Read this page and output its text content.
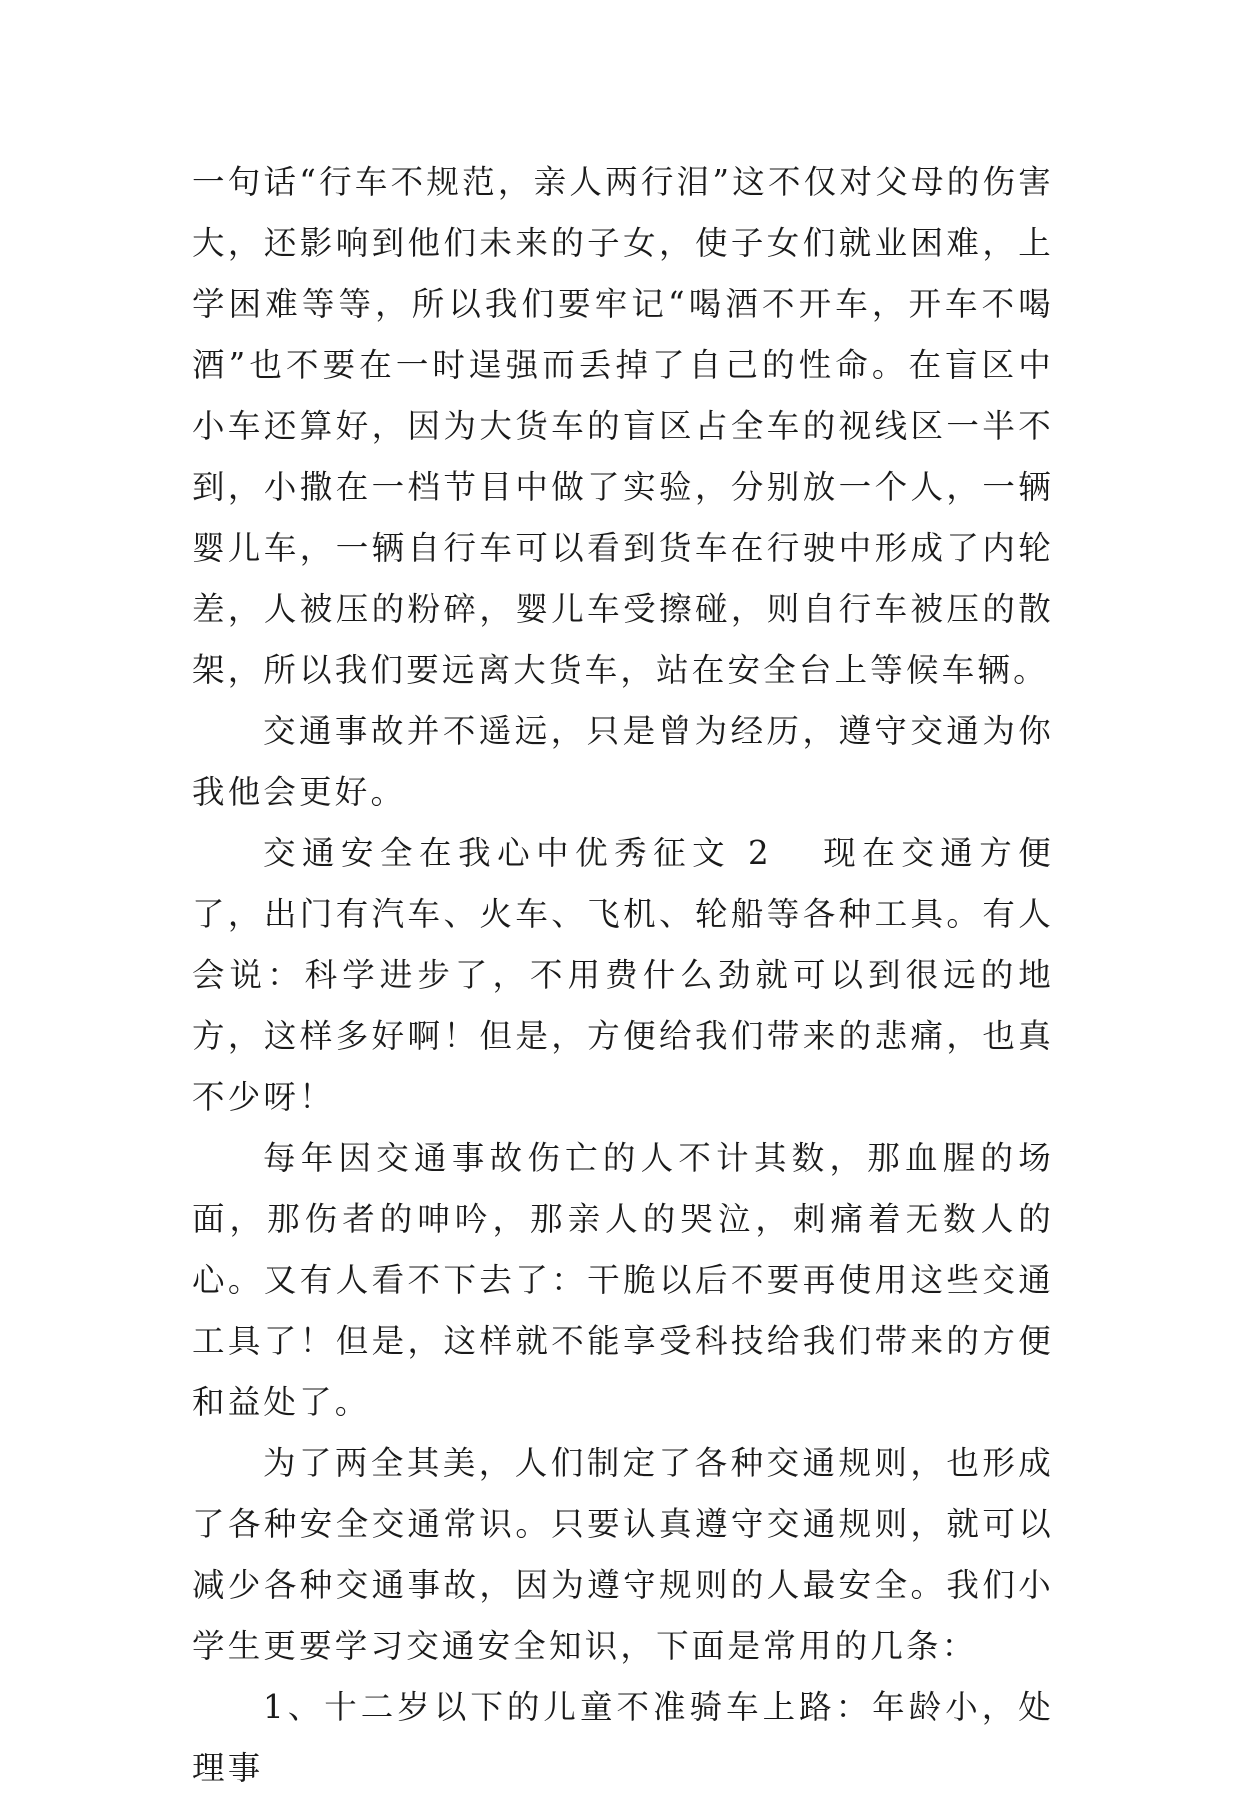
一句话“行车不规范，亲人两行泪”这不仅对父母的伤害大，还影响到他们未来的子女，使子女们就业困难，上学困难等等，所以我们要牢记“喝酒不开车，开车不喝酒”也不要在一时逞强而丢掉了自己的性命。在盲区中小车还算好，因为大货车的盲区占全车的视线区一半不到，小撒在一档节目中做了实验，分别放一个人，一辆婴儿车，一辆自行车可以看到货车在行驶中形成了内轮差，人被压的粉碎，婴儿车受擦碰，则自行车被压的散架，所以我们要远离大货车，站在安全台上等候车辆。

交通事故并不遥远，只是曾为经历，遵守交通为你我他会更好。

交通安全在我心中优秀征文 2 现在交通方便了，出门有汽车、火车、飞机、轮船等各种工具。有人会说：科学进步了，不用费什么劲就可以到很远的地方，这样多好啊！但是，方便给我们带来的悲痛，也真不少呀！

每年因交通事故伤亡的人不计其数，那血腥的场面，那伤者的呻吟，那亲人的哭泣，刺痛着无数人的心。又有人看不下去了：干脆以后不要再使用这些交通工具了！但是，这样就不能享受科技给我们带来的方便和益处了。

为了两全其美，人们制定了各种交通规则，也形成了各种安全交通常识。只要认真遵守交通规则，就可以减少各种交通事故，因为遵守规则的人最安全。我们小学生更要学习交通安全知识，下面是常用的几条：

1、十二岁以下的儿童不准骑车上路：年龄小，处理事
